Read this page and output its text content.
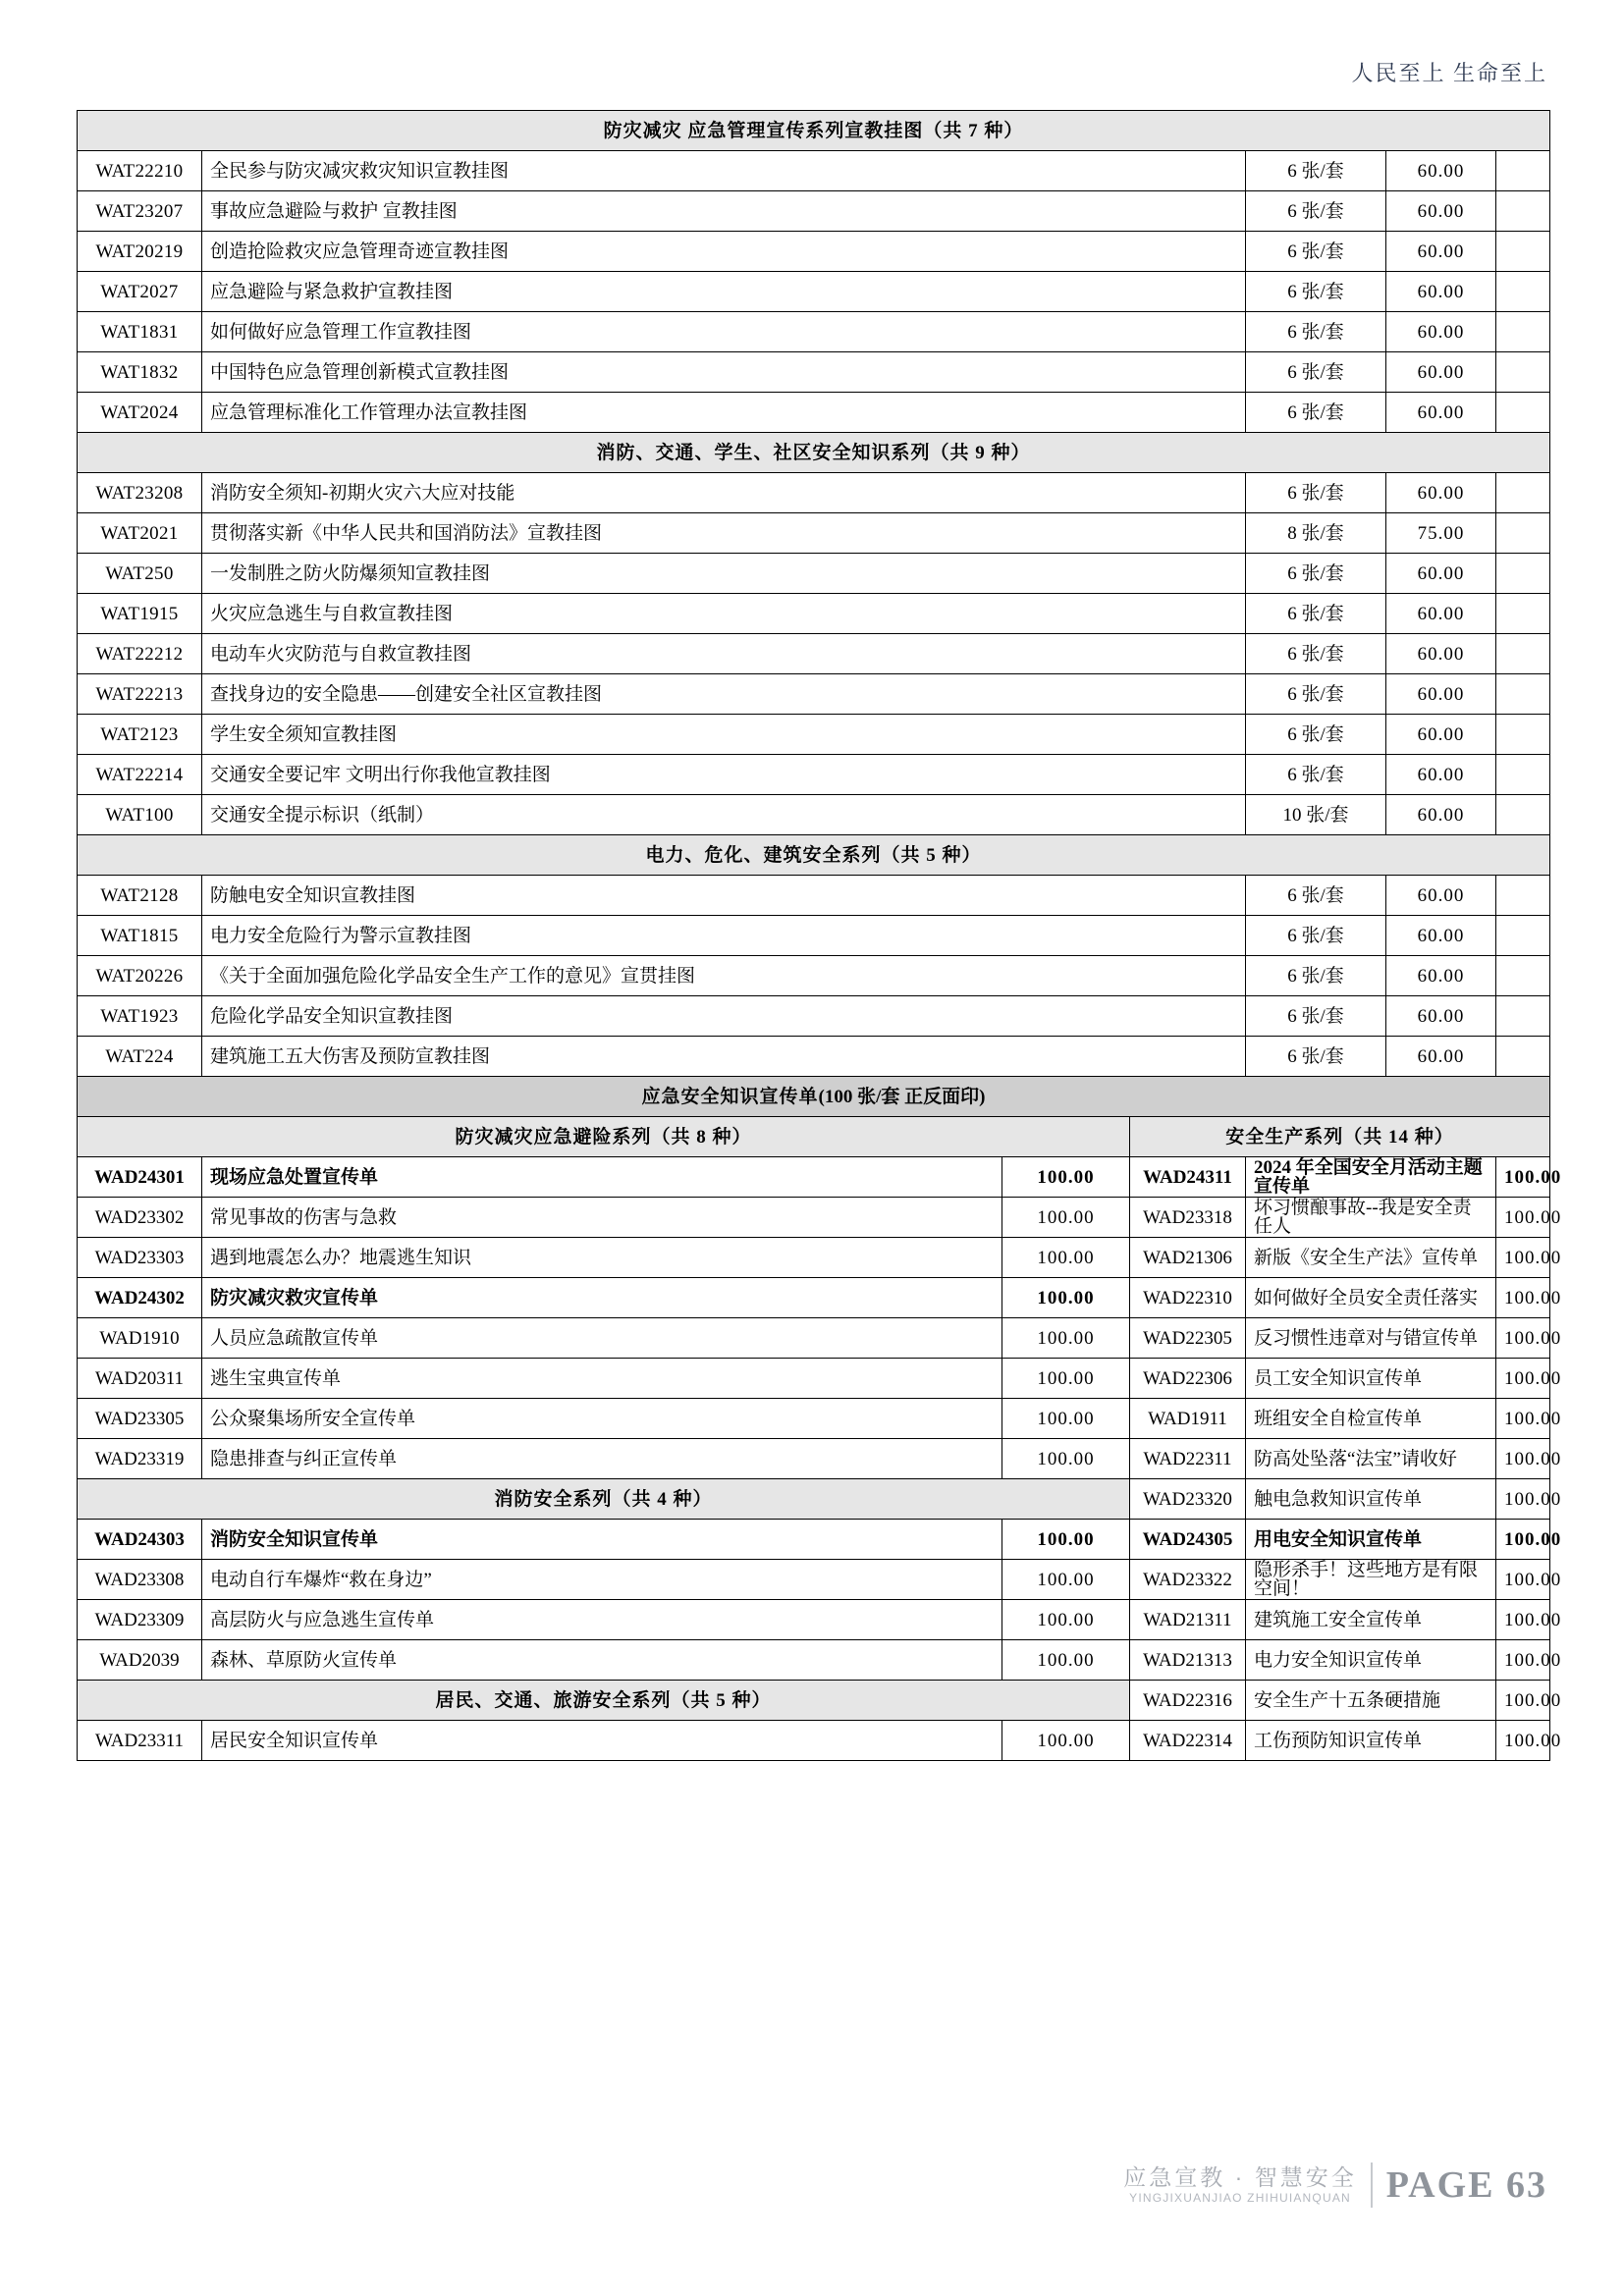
人民至上 生命至上
防灾减灾 应急管理宣传系列宣教挂图（共 7 种）						
WAT22210	全民参与防灾减灾救灾知识宣教挂图			6 张/套	60.00	
WAT23207	事故应急避险与救护 宣教挂图			6 张/套	60.00	
WAT20219	创造抢险救灾应急管理奇迹宣教挂图			6 张/套	60.00	
WAT2027	应急避险与紧急救护宣教挂图			6 张/套	60.00	
WAT1831	如何做好应急管理工作宣教挂图			6 张/套	60.00	
WAT1832	中国特色应急管理创新模式宣教挂图			6 张/套	60.00	
WAT2024	应急管理标准化工作管理办法宣教挂图			6 张/套	60.00	
消防、交通、学生、社区安全知识系列（共 9 种）						
WAT23208	消防安全须知-初期火灾六大应对技能			6 张/套	60.00	
WAT2021	贯彻落实新《中华人民共和国消防法》宣教挂图			8 张/套	75.00	
WAT250	一发制胜之防火防爆须知宣教挂图			6 张/套	60.00	
WAT1915	火灾应急逃生与自救宣教挂图			6 张/套	60.00	
WAT22212	电动车火灾防范与自救宣教挂图			6 张/套	60.00	
WAT22213	查找身边的安全隐患——创建安全社区宣教挂图			6 张/套	60.00	
WAT2123	学生安全须知宣教挂图			6 张/套	60.00	
WAT22214	交通安全要记牢 文明出行你我他宣教挂图			6 张/套	60.00	
WAT100	交通安全提示标识（纸制）			10 张/套	60.00	
电力、危化、建筑安全系列（共 5 种）						
WAT2128	防触电安全知识宣教挂图			6 张/套	60.00	
WAT1815	电力安全危险行为警示宣教挂图			6 张/套	60.00	
WAT20226	《关于全面加强危险化学品安全生产工作的意见》宣贯挂图			6 张/套	60.00	
WAT1923	危险化学品安全知识宣教挂图			6 张/套	60.00	
WAT224	建筑施工五大伤害及预防宣教挂图			6 张/套	60.00	
应急安全知识宣传单(100 张/套 正反面印)						
防灾减灾应急避险系列（共 8 种）			安全生产系列（共 14 种）			
WAD24301	现场应急处置宣传单	100.00	WAD24311	2024 年全国安全月活动主题宣传单		100.00
WAD23302	常见事故的伤害与急救	100.00	WAD23318	坏习惯酿事故--我是安全责任人		100.00
WAD23303	遇到地震怎么办？地震逃生知识	100.00	WAD21306	新版《安全生产法》宣传单		100.00
WAD24302	防灾减灾救灾宣传单	100.00	WAD22310	如何做好全员安全责任落实		100.00
WAD1910	人员应急疏散宣传单	100.00	WAD22305	反习惯性违章对与错宣传单		100.00
WAD20311	逃生宝典宣传单	100.00	WAD22306	员工安全知识宣传单		100.00
WAD23305	公众聚集场所安全宣传单	100.00	WAD1911	班组安全自检宣传单		100.00
WAD23319	隐患排查与纠正宣传单	100.00	WAD22311	防高处坠落“法宝”请收好		100.00
消防安全系列（共 4 种）			WAD23320	触电急救知识宣传单		100.00
WAD24303	消防安全知识宣传单	100.00	WAD24305	用电安全知识宣传单		100.00
WAD23308	电动自行车爆炸“救在身边”	100.00	WAD23322	隐形杀手！这些地方是有限空间！		100.00
WAD23309	高层防火与应急逃生宣传单	100.00	WAD21311	建筑施工安全宣传单		100.00
WAD2039	森林、草原防火宣传单	100.00	WAD21313	电力安全知识宣传单		100.00
居民、交通、旅游安全系列（共 5 种）			WAD22316	安全生产十五条硬措施		100.00
WAD23311	居民安全知识宣传单	100.00	WAD22314	工伤预防知识宣传单		100.00
应急宣教 · 智慧安全
YINGJIXUANJIAO ZHIHUIANQUAN PAGE 63
